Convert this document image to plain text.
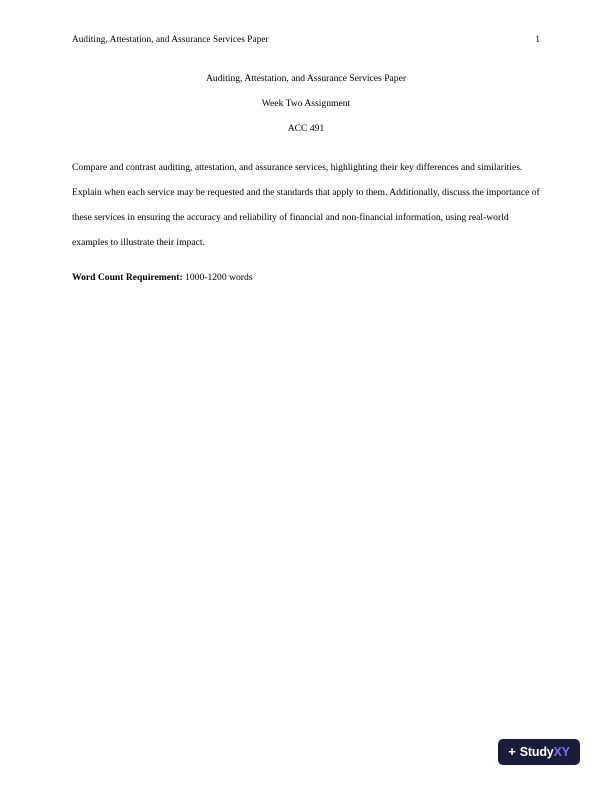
Auditing, Attestation, and Assurance Services Paper	1
Auditing, Attestation, and Assurance Services Paper
Week Two Assignment
ACC 491

Compare and contrast auditing, attestation, and assurance services, highlighting their key differences and similarities. Explain when each service may be requested and the standards that apply to them. Additionally, discuss the importance of these services in ensuring the accuracy and reliability of financial and non-financial information, using real-world examples to illustrate their impact.

Word Count Requirement: 1000-1200 words

+ StudyXY
